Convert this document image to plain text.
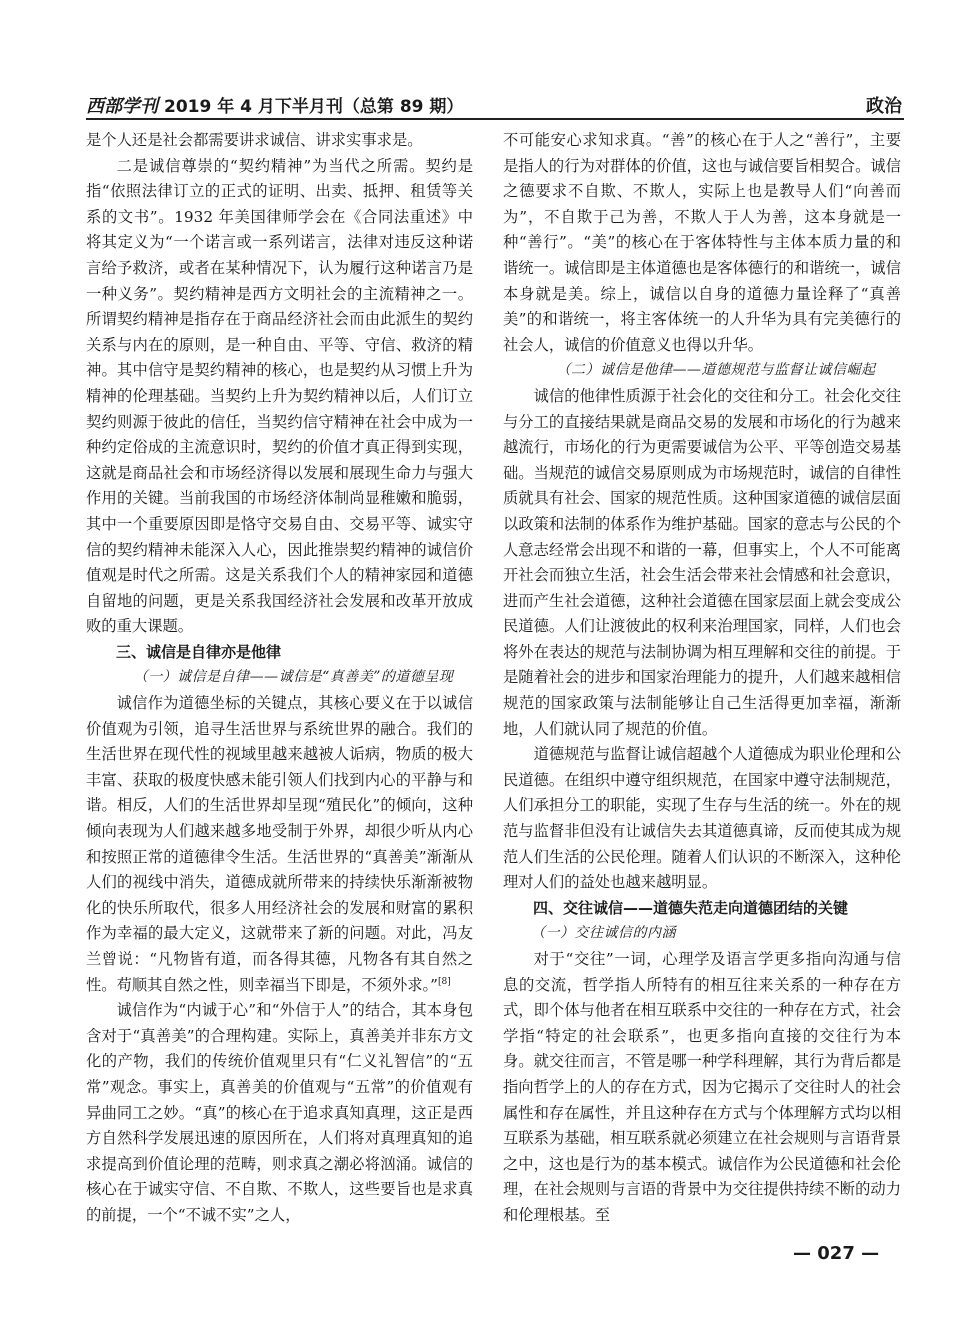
西部学刊 2019 年 4 月下半月刊（总第 89 期）	政治

是个人还是社会都需要讲求诚信、讲求实事求是。

二是诚信尊崇的“契约精神”为当代之所需。契约是指“依照法律订立的正式的证明、出卖、抵押、租赁等关系的文书”。1932 年美国律师学会在《合同法重述》中将其定义为“一个诺言或一系列诺言，法律对违反这种诺言给予救济，或者在某种情况下，认为履行这种诺言乃是一种义务”。契约精神是西方文明社会的主流精神之一。所谓契约精神是指存在于商品经济社会而由此派生的契约关系与内在的原则，是一种自由、平等、守信、救济的精神。其中信守是契约精神的核心，也是契约从习惯上升为精神的伦理基础。当契约上升为契约精神以后，人们订立契约则源于彼此的信任，当契约信守精神在社会中成为一种约定俗成的主流意识时，契约的价值才真正得到实现，这就是商品社会和市场经济得以发展和展现生命力与强大作用的关键。当前我国的市场经济体制尚显稚嫩和脆弱，其中一个重要原因即是恪守交易自由、交易平等、诚实守信的契约精神未能深入人心，因此推崇契约精神的诚信价值观是时代之所需。这是关系我们个人的精神家园和道德自留地的问题，更是关系我国经济社会发展和改革开放成败的重大课题。

三、诚信是自律亦是他律

（一）诚信是自律——诚信是“真善美”的道德呈现

诚信作为道德坐标的关键点，其核心要义在于以诚信价值观为引领，追寻生活世界与系统世界的融合。我们的生活世界在现代性的视域里越来越被人诟病，物质的极大丰富、获取的极度快感未能引领人们找到内心的平静与和谐。相反，人们的生活世界却呈现“殖民化”的倾向，这种倾向表现为人们越来越多地受制于外界，却很少听从内心和按照正常的道德律令生活。生活世界的“真善美”渐渐从人们的视线中消失，道德成就所带来的持续快乐渐渐被物化的快乐所取代，很多人用经济社会的发展和财富的累积作为幸福的最大定义，这就带来了新的问题。对此，冯友兰曾说：“凡物皆有道，而各得其德，凡物各有其自然之性。苟顺其自然之性，则幸福当下即是，不须外求。”[8]

诚信作为“内诚于心”和“外信于人”的结合，其本身包含对于“真善美”的合理构建。实际上，真善美并非东方文化的产物，我们的传统价值观里只有“仁义礼智信”的“五常”观念。事实上，真善美的价值观与“五常”的价值观有异曲同工之妙。“真”的核心在于追求真知真理，这正是西方自然科学发展迅速的原因所在，人们将对真理真知的追求提高到价值论理的范畴，则求真之潮必将汹涌。诚信的核心在于诚实守信、不自欺、不欺人，这些要旨也是求真的前提，一个“不诚不实”之人，

不可能安心求知求真。“善”的核心在于人之“善行”，主要是指人的行为对群体的价值，这也与诚信要旨相契合。诚信之德要求不自欺、不欺人，实际上也是教导人们“向善而为”，不自欺于己为善，不欺人于人为善，这本身就是一种“善行”。“美”的核心在于客体特性与主体本质力量的和谐统一。诚信即是主体道德也是客体德行的和谐统一，诚信本身就是美。综上，诚信以自身的道德力量诠释了“真善美”的和谐统一，将主客体统一的人升华为具有完美德行的社会人，诚信的价值意义也得以升华。

（二）诚信是他律——道德规范与监督让诚信崛起

诚信的他律性质源于社会化的交往和分工。社会化交往与分工的直接结果就是商品交易的发展和市场化的行为越来越流行，市场化的行为更需要诚信为公平、平等创造交易基础。当规范的诚信交易原则成为市场规范时，诚信的自律性质就具有社会、国家的规范性质。这种国家道德的诚信层面以政策和法制的体系作为维护基础。国家的意志与公民的个人意志经常会出现不和谐的一幕，但事实上，个人不可能离开社会而独立生活，社会生活会带来社会情感和社会意识，进而产生社会道德，这种社会道德在国家层面上就会变成公民道德。人们让渡彼此的权利来治理国家，同样，人们也会将外在表达的规范与法制协调为相互理解和交往的前提。于是随着社会的进步和国家治理能力的提升，人们越来越相信规范的国家政策与法制能够让自己生活得更加幸福，渐渐地，人们就认同了规范的价值。

道德规范与监督让诚信超越个人道德成为职业伦理和公民道德。在组织中遵守组织规范，在国家中遵守法制规范，人们承担分工的职能，实现了生存与生活的统一。外在的规范与监督非但没有让诚信失去其道德真谛，反而使其成为规范人们生活的公民伦理。随着人们认识的不断深入，这种伦理对人们的益处也越来越明显。

四、交往诚信——道德失范走向道德团结的关键

（一）交往诚信的内涵

对于“交往”一词，心理学及语言学更多指向沟通与信息的交流，哲学指人所特有的相互往来关系的一种存在方式，即个体与他者在相互联系中交往的一种存在方式，社会学指“特定的社会联系”，也更多指向直接的交往行为本身。就交往而言，不管是哪一种学科理解，其行为背后都是指向哲学上的人的存在方式，因为它揭示了交往时人的社会属性和存在属性，并且这种存在方式与个体理解方式均以相互联系为基础，相互联系就必须建立在社会规则与言语背景之中，这也是行为的基本模式。诚信作为公民道德和社会伦理，在社会规则与言语的背景中为交往提供持续不断的动力和伦理根基。至

— 027 —
